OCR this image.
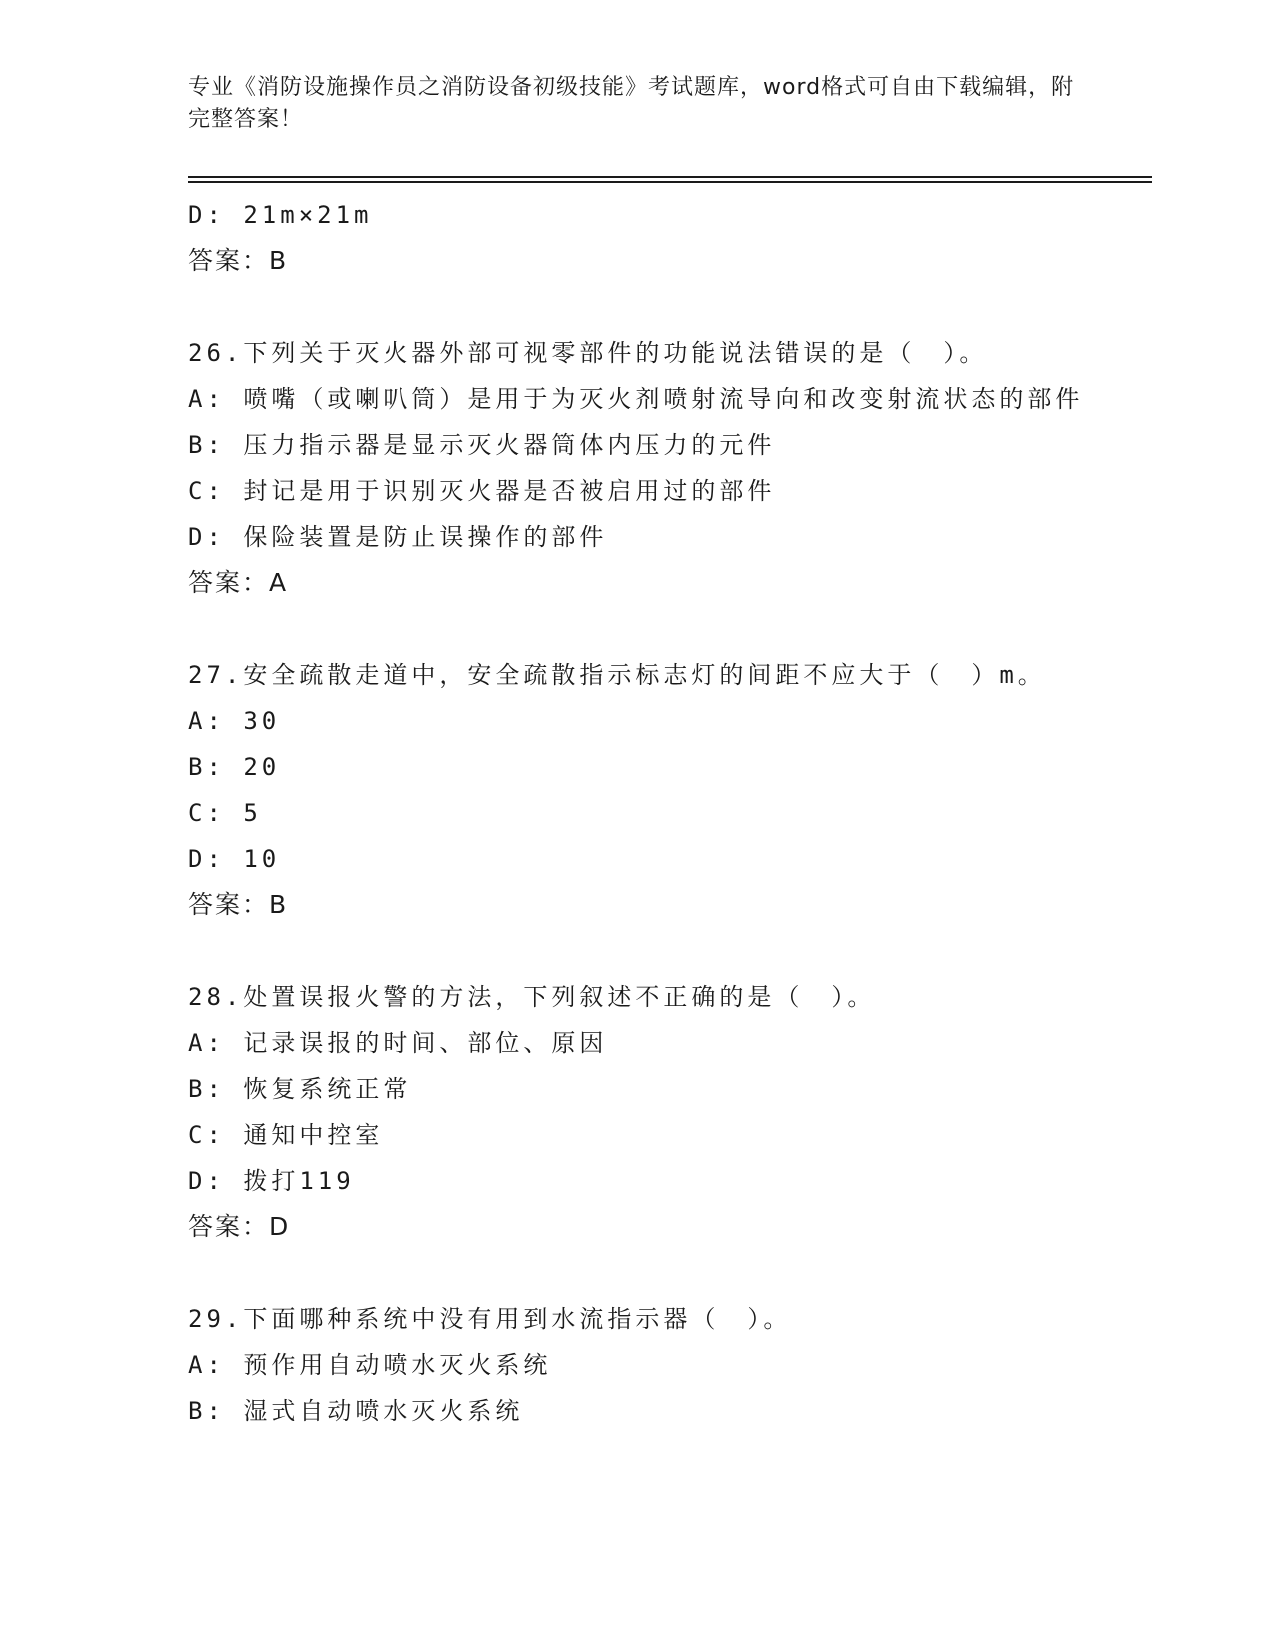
专业《消防设施操作员之消防设备初级技能》考试题库，word格式可自由下载编辑，附完整答案！
D: 21m×21m
答案：B
26.下列关于灭火器外部可视零部件的功能说法错误的是（　）。
A: 喷嘴（或喇叭筒）是用于为灭火剂喷射流导向和改变射流状态的部件
B: 压力指示器是显示灭火器筒体内压力的元件
C: 封记是用于识别灭火器是否被启用过的部件
D: 保险装置是防止误操作的部件
答案：A
27.安全疏散走道中，安全疏散指示标志灯的间距不应大于（　）m。
A: 30
B: 20
C: 5
D: 10
答案：B
28.处置误报火警的方法，下列叙述不正确的是（　）。
A: 记录误报的时间、部位、原因
B: 恢复系统正常
C: 通知中控室
D: 拨打119
答案：D
29.下面哪种系统中没有用到水流指示器（　）。
A: 预作用自动喷水灭火系统
B: 湿式自动喷水灭火系统
